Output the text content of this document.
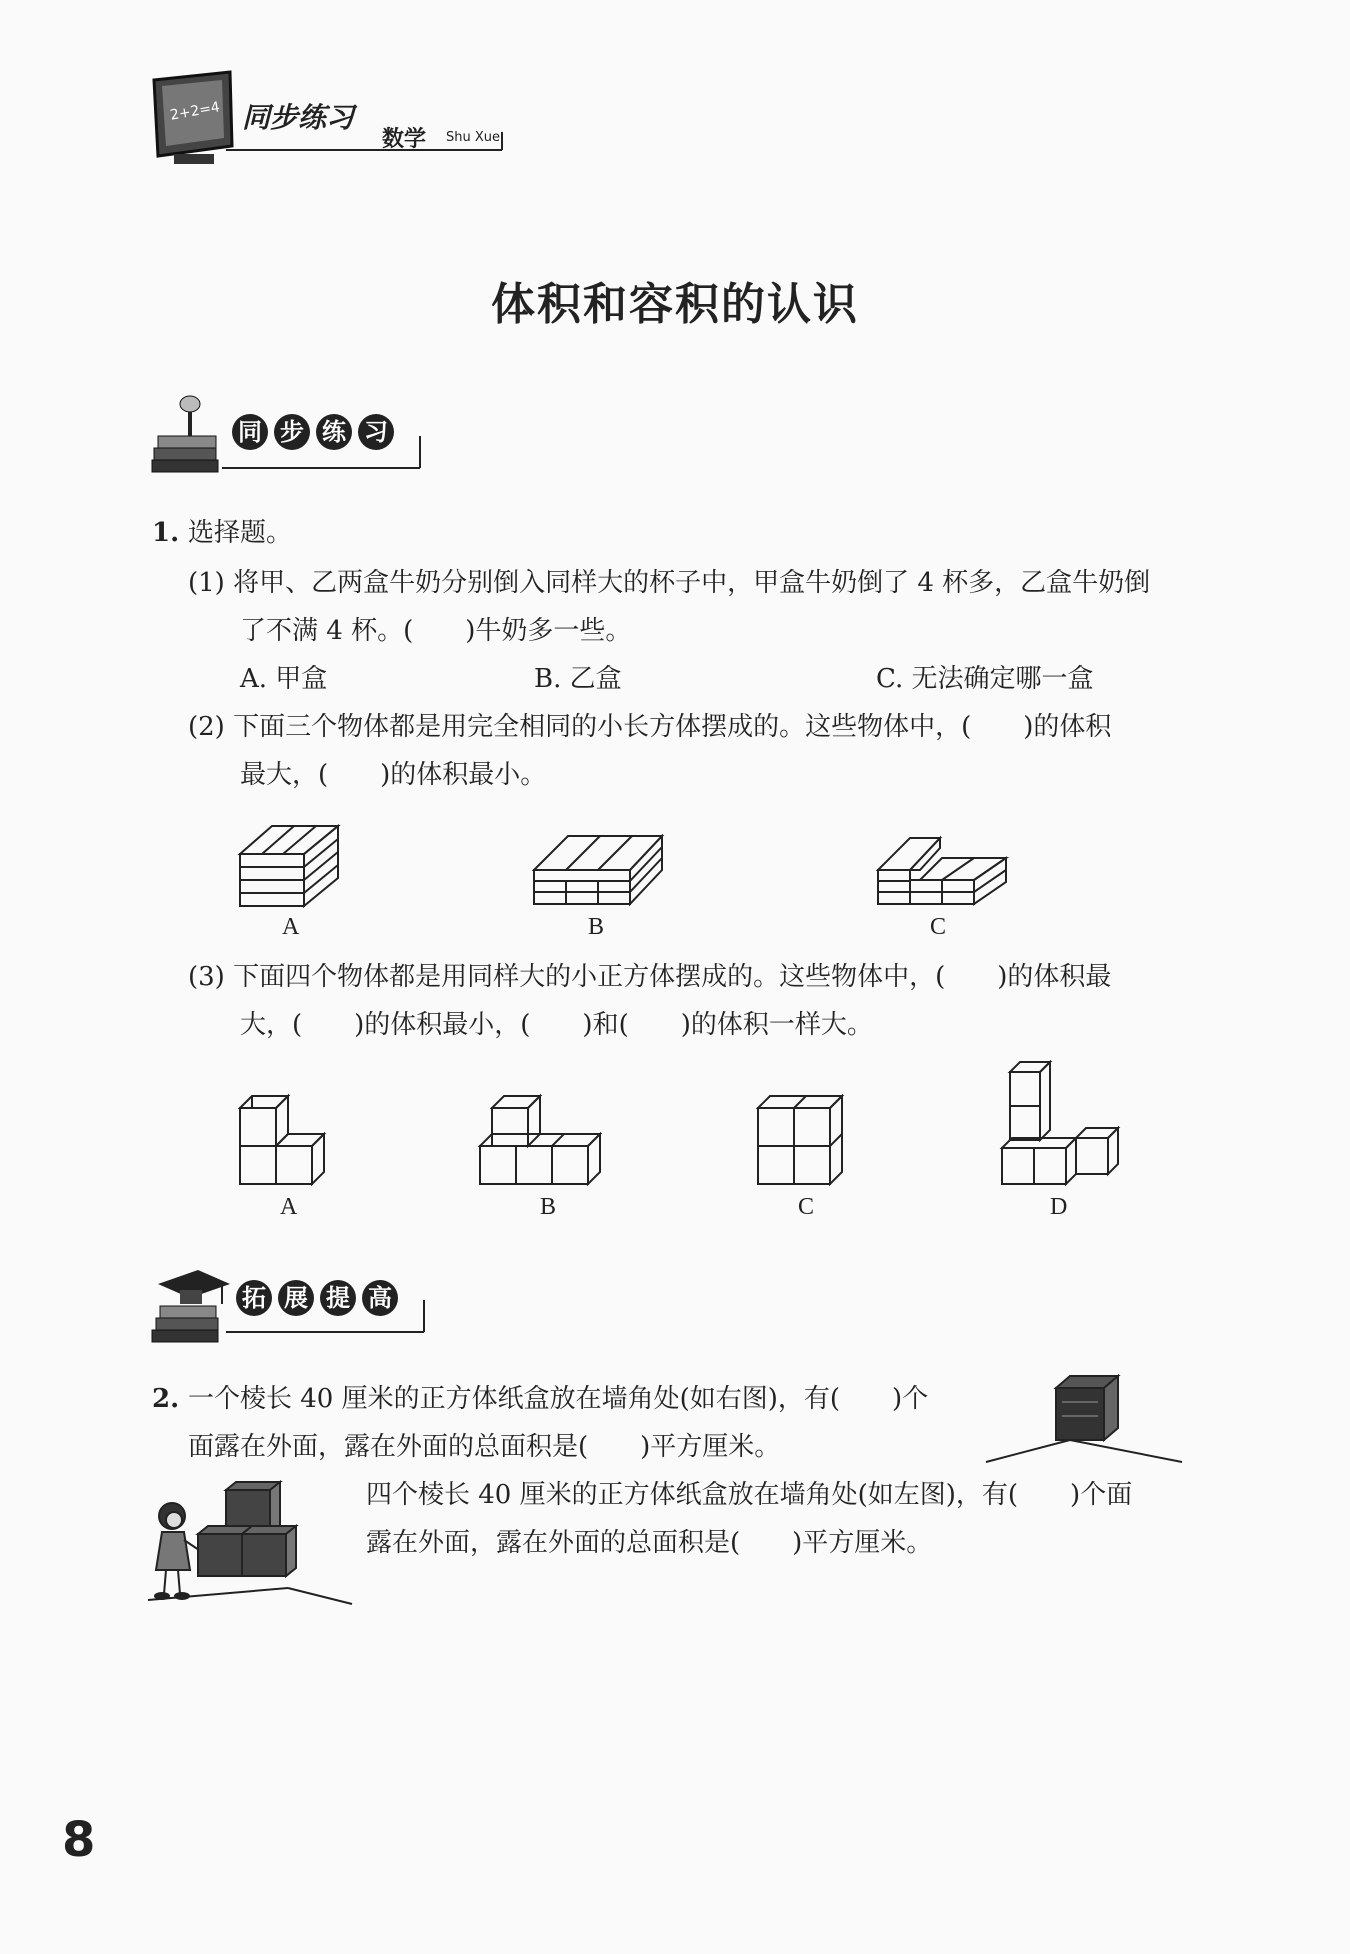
2+2=4 同步练习
数学 Shu Xue
体积和容积的认识
同 步 练 习
1. 选择题。
(1) 将甲、乙两盒牛奶分别倒入同样大的杯子中，甲盒牛奶倒了 4 杯多，乙盒牛奶倒
了不满 4 杯。(　　)牛奶多一些。
A. 甲盒	B. 乙盒	C. 无法确定哪一盒
(2) 下面三个物体都是用完全相同的小长方体摆成的。这些物体中，(　　)的体积
最大，(　　)的体积最小。
A	B	C
(3) 下面四个物体都是用同样大的小正方体摆成的。这些物体中，(　　)的体积最
大，(　　)的体积最小，(　　)和(　　)的体积一样大。
A	B	C	D
拓 展 提 高
2. 一个棱长 40 厘米的正方体纸盒放在墙角处(如右图)，有(　　)个
面露在外面，露在外面的总面积是(　　)平方厘米。
四个棱长 40 厘米的正方体纸盒放在墙角处(如左图)，有(　　)个面
露在外面，露在外面的总面积是(　　)平方厘米。
8
